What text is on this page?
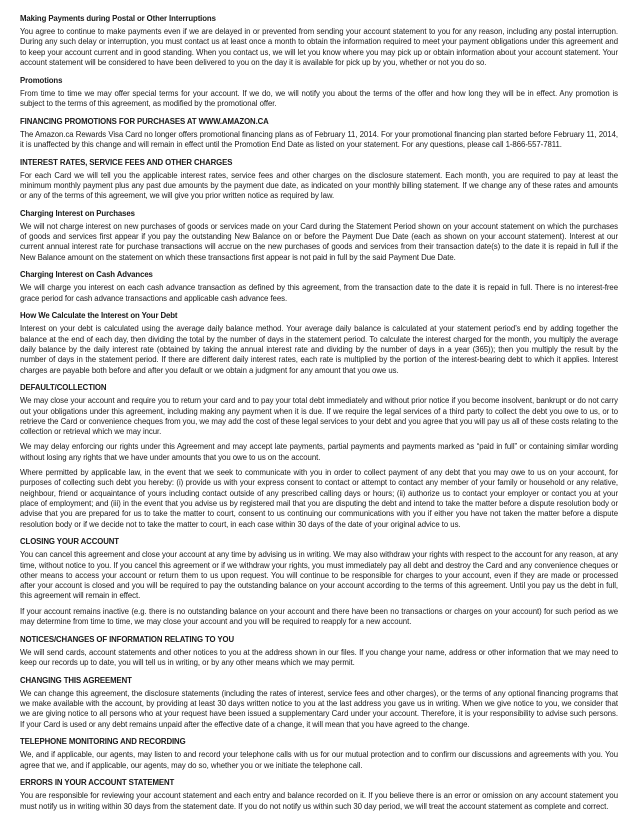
Making Payments during Postal or Other Interruptions

You agree to continue to make payments even if we are delayed in or prevented from sending your account statement to you for any reason, including any postal interruption. During any such delay or interruption, you must contact us at least once a month to obtain the information required to meet your payment obligations under this agreement and to keep your account current and in good standing. When you contact us, we will let you know where you may pick up or obtain information about your account statement. Your account statement will be considered to have been delivered to you on the day it is available for pick up by you, whether or not you do so.

Promotions

From time to time we may offer special terms for your account. If we do, we will notify you about the terms of the offer and how long they will be in effect. Any promotion is subject to the terms of this agreement, as modified by the promotional offer.

FINANCING PROMOTIONS FOR PURCHASES AT WWW.AMAZON.CA

The Amazon.ca Rewards Visa Card no longer offers promotional financing plans as of February 11, 2014. For your promotional financing plan started before February 11, 2014, it is unaffected by this change and will remain in effect until the Promotion End Date as listed on your statement. For any questions, please call 1-866-557-7811.

INTEREST RATES, SERVICE FEES AND OTHER CHARGES

For each Card we will tell you the applicable interest rates, service fees and other charges on the disclosure statement. Each month, you are required to pay at least the minimum monthly payment plus any past due amounts by the payment due date, as indicated on your monthly billing statement. If we change any of these rates and amounts or any of the terms of this agreement, we will give you prior written notice as required by law.

Charging Interest on Purchases

We will not charge interest on new purchases of goods or services made on your Card during the Statement Period shown on your account statement on which the purchases of goods and services first appear if you pay the outstanding New Balance on or before the Payment Due Date (each as shown on your account statement). Interest at our current annual interest rate for purchase transactions will accrue on the new purchases of goods and services from their transaction date(s) to the date it is repaid in full if the New Balance amount on the statement on which these transactions first appear is not paid in full by the said Payment Due Date.

Charging Interest on Cash Advances

We will charge you interest on each cash advance transaction as defined by this agreement, from the transaction date to the date it is repaid in full. There is no interest-free grace period for cash advance transactions and applicable cash advance fees.

How We Calculate the Interest on Your Debt

Interest on your debt is calculated using the average daily balance method. Your average daily balance is calculated at your statement period’s end by adding together the balance at the end of each day, then dividing the total by the number of days in the statement period. To calculate the interest charged for the month, you multiply the average daily balance by the daily interest rate (obtained by taking the annual interest rate and dividing by the number of days in a year (365)); then you multiply the result by the number of days in the statement period. If there are different daily interest rates, each rate is multiplied by the portion of the interest-bearing debt to which it applies. Interest charges are payable both before and after you default or we obtain a judgment for any amount that you owe us.

DEFAULT/COLLECTION

We may close your account and require you to return your card and to pay your total debt immediately and without prior notice if you become insolvent, bankrupt or do not carry out your obligations under this agreement, including making any payment when it is due. If we require the legal services of a third party to collect the debt you owe to us, or to retrieve the Card or convenience cheques from you, we may add the cost of these legal services to your debt and you agree that you will pay us all of these costs relating to the collection or retrieval which we may incur.

We may delay enforcing our rights under this Agreement and may accept late payments, partial payments and payments marked as “paid in full” or containing similar wording without losing any rights that we have under amounts that you owe to us on the account.

Where permitted by applicable law, in the event that we seek to communicate with you in order to collect payment of any debt that you may owe to us on your account, for purposes of collecting such debt you hereby: (i) provide us with your express consent to contact or attempt to contact any member of your family or household or any relative, neighbour, friend or acquaintance of yours including contact outside of any prescribed calling days or hours; (ii) authorize us to contact your employer or contact you at your place of employment; and (iii) in the event that you advise us by registered mail that you are disputing the debt and intend to take the matter before a dispute resolution body or advise that you are prepared for us to take the matter to court, consent to us continuing our communications with you if either you have not taken the matter before a dispute resolution body or if we decide not to take the matter to court, in each case within 30 days of the date of your original advice to us.

CLOSING YOUR ACCOUNT

You can cancel this agreement and close your account at any time by advising us in writing. We may also withdraw your rights with respect to the account for any reason, at any time, without notice to you. If you cancel this agreement or if we withdraw your rights, you must immediately pay all debt and destroy the Card and any convenience cheques or other means to access your account or return them to us upon request. You will continue to be responsible for charges to your account, even if they are made or processed after your account is closed and you will be required to pay the outstanding balance on your account according to the terms of this agreement. Until you pay us the debt in full, this agreement will remain in effect.

If your account remains inactive (e.g. there is no outstanding balance on your account and there have been no transactions or charges on your account) for such period as we may determine from time to time, we may close your account and you will be required to reapply for a new account.

NOTICES/CHANGES OF INFORMATION RELATING TO YOU

We will send cards, account statements and other notices to you at the address shown in our files. If you change your name, address or other information that we may need to keep our records up to date, you will tell us in writing, or by any other means which we may permit.

CHANGING THIS AGREEMENT

We can change this agreement, the disclosure statements (including the rates of interest, service fees and other charges), or the terms of any optional financing programs that we make available with the account, by providing at least 30 days written notice to you at the last address you gave us in writing. When we give notice to you, we consider that we are giving notice to all persons who at your request have been issued a supplementary Card under your account. Therefore, it is your responsibility to advise such persons. If your Card is used or any debt remains unpaid after the effective date of a change, it will mean that you have agreed to the change.

TELEPHONE MONITORING AND RECORDING

We, and if applicable, our agents, may listen to and record your telephone calls with us for our mutual protection and to confirm our discussions and agreements with you. You agree that we, and if applicable, our agents, may do so, whether you or we initiate the telephone call.

ERRORS IN YOUR ACCOUNT STATEMENT

You are responsible for reviewing your account statement and each entry and balance recorded on it. If you believe there is an error or omission on any account statement you must notify us in writing within 30 days from the statement date. If you do not notify us within such 30 day period, we will treat the account statement as complete and correct.
